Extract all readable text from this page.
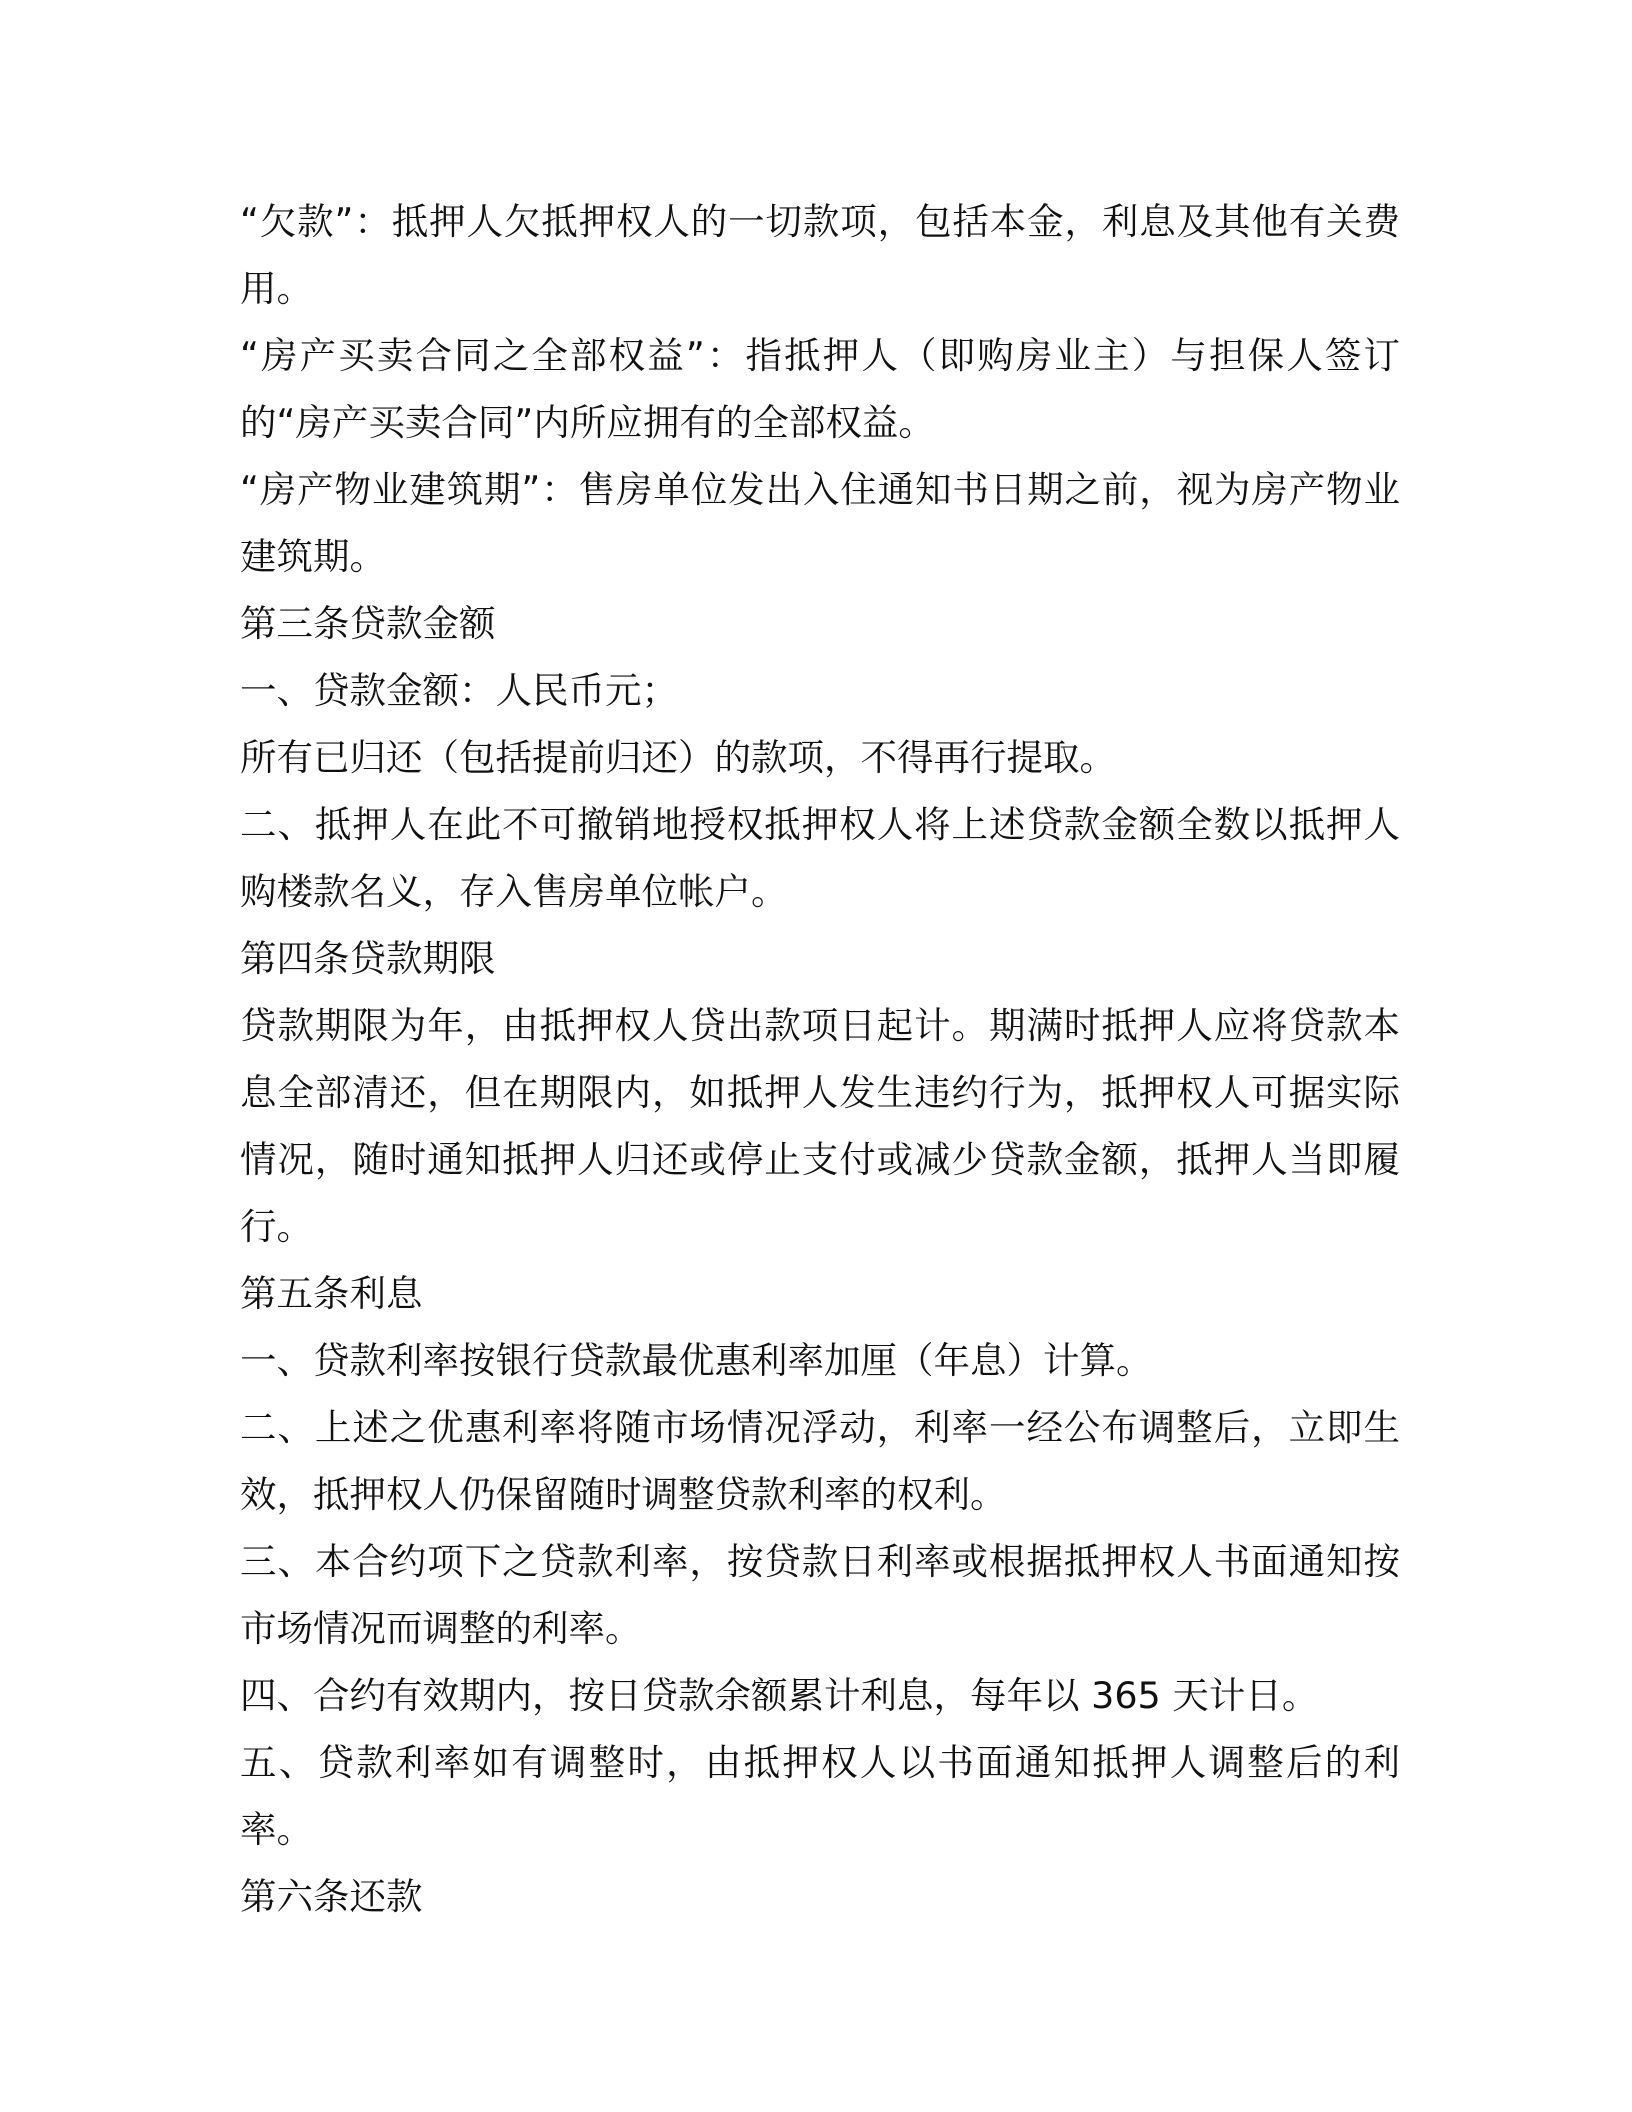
“欠款”：抵押人欠抵押权人的一切款项，包括本金，利息及其他有关费用。

“房产买卖合同之全部权益”：指抵押人（即购房业主）与担保人签订的“房产买卖合同”内所应拥有的全部权益。

“房产物业建筑期”：售房单位发出入住通知书日期之前，视为房产物业建筑期。

第三条贷款金额

一、贷款金额：人民币元；

所有已归还（包括提前归还）的款项，不得再行提取。

二、抵押人在此不可撤销地授权抵押权人将上述贷款金额全数以抵押人购楼款名义，存入售房单位帐户。

第四条贷款期限

贷款期限为年，由抵押权人贷出款项日起计。期满时抵押人应将贷款本息全部清还，但在期限内，如抵押人发生违约行为，抵押权人可据实际情况，随时通知抵押人归还或停止支付或减少贷款金额，抵押人当即履行。

第五条利息

一、贷款利率按银行贷款最优惠利率加厘（年息）计算。

二、上述之优惠利率将随市场情况浮动，利率一经公布调整后，立即生效，抵押权人仍保留随时调整贷款利率的权利。

三、本合约项下之贷款利率，按贷款日利率或根据抵押权人书面通知按市场情况而调整的利率。

四、合约有效期内，按日贷款余额累计利息，每年以 365 天计日。

五、贷款利率如有调整时，由抵押权人以书面通知抵押人调整后的利率。

第六条还款
